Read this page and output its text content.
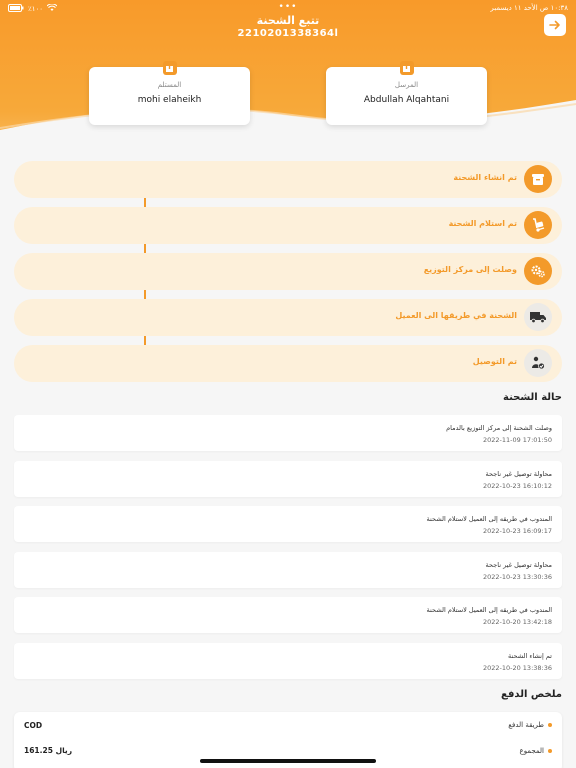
٪١٠٠	•••	١٠:٣٨ ص الأحد ١١ ديسمبر
تتبع الشحنة
2210201338364l
المستلم
mohi elaheikh
المرسل
Abdullah Alqahtani
تم انشاء الشحنة
تم استلام الشحنة
وصلت إلى مركز التوزيع
الشحنة في طريقها الى العميل
تم التوصيل
حالة الشحنة
وصلت الشحنة إلى مركز التوزيع بالدمام
2022-11-09 17:01:50
محاولة توصيل غير ناجحة
2022-10-23 16:10:12
المندوب في طريقه إلى العميل لاستلام الشحنة
2022-10-23 16:09:17
محاولة توصيل غير ناجحة
2022-10-23 13:30:36
المندوب في طريقه إلى العميل لاستلام الشحنة
2022-10-20 13:42:18
تم إنشاء الشحنة
2022-10-20 13:38:36
ملخص الدفع
طريقة الدفع
COD
المجموع
161.25 ريال
